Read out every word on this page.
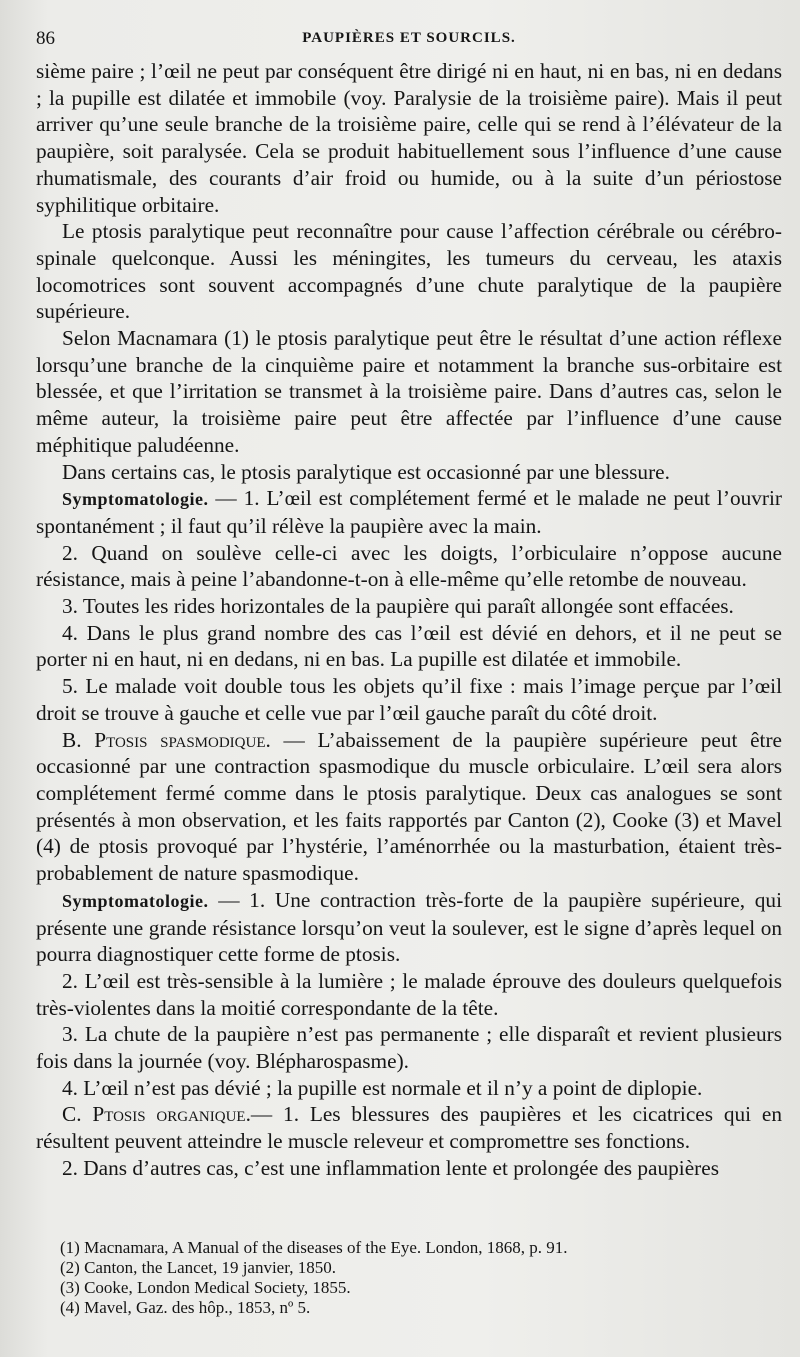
86	PAUPIÈRES ET SOURCILS.

sième paire ; l’œil ne peut par conséquent être dirigé ni en haut, ni en bas, ni en dedans ; la pupille est dilatée et immobile (voy. Paralysie de la troisième paire). Mais il peut arriver qu’une seule branche de la troisième paire, celle qui se rend à l’élévateur de la paupière, soit paralysée. Cela se produit habituellement sous l’influence d’une cause rhumatismale, des courants d’air froid ou humide, ou à la suite d’un périostose syphilitique orbitaire.

Le ptosis paralytique peut reconnaître pour cause l’affection cérébrale ou cérébro-spinale quelconque. Aussi les méningites, les tumeurs du cerveau, les ataxis locomotrices sont souvent accompagnés d’une chute paralytique de la paupière supérieure.

Selon Macnamara (1) le ptosis paralytique peut être le résultat d’une action réflexe lorsqu’une branche de la cinquième paire et notamment la branche sus-orbitaire est blessée, et que l’irritation se transmet à la troisième paire. Dans d’autres cas, selon le même auteur, la troisième paire peut être affectée par l’influence d’une cause méphitique paludéenne.

Dans certains cas, le ptosis paralytique est occasionné par une blessure.

Symptomatologie. — 1. L’œil est complétement fermé et le malade ne peut l’ouvrir spontanément ; il faut qu’il rélève la paupière avec la main.

2. Quand on soulève celle-ci avec les doigts, l’orbiculaire n’oppose aucune résistance, mais à peine l’abandonne-t-on à elle-même qu’elle retombe de nouveau.

3. Toutes les rides horizontales de la paupière qui paraît allongée sont effacées.

4. Dans le plus grand nombre des cas l’œil est dévié en dehors, et il ne peut se porter ni en haut, ni en dedans, ni en bas. La pupille est dilatée et immobile.

5. Le malade voit double tous les objets qu’il fixe : mais l’image perçue par l’œil droit se trouve à gauche et celle vue par l’œil gauche paraît du côté droit.

B. Ptosis spasmodique. — L’abaissement de la paupière supérieure peut être occasionné par une contraction spasmodique du muscle orbiculaire. L’œil sera alors complétement fermé comme dans le ptosis paralytique. Deux cas analogues se sont présentés à mon observation, et les faits rapportés par Canton (2), Cooke (3) et Mavel (4) de ptosis provoqué par l’hystérie, l’aménorrhée ou la masturbation, étaient très-probablement de nature spasmodique.

Symptomatologie. — 1. Une contraction très-forte de la paupière supérieure, qui présente une grande résistance lorsqu’on veut la soulever, est le signe d’après lequel on pourra diagnostiquer cette forme de ptosis.

2. L’œil est très-sensible à la lumière ; le malade éprouve des douleurs quelquefois très-violentes dans la moitié correspondante de la tête.

3. La chute de la paupière n’est pas permanente ; elle disparaît et revient plusieurs fois dans la journée (voy. Blépharospasme).

4. L’œil n’est pas dévié ; la pupille est normale et il n’y a point de diplopie.

C. Ptosis organique.— 1. Les blessures des paupières et les cicatrices qui en résultent peuvent atteindre le muscle releveur et compromettre ses fonctions.

2. Dans d’autres cas, c’est une inflammation lente et prolongée des paupières

(1) Macnamara, A Manual of the diseases of the Eye. London, 1868, p. 91.
(2) Canton, the Lancet, 19 janvier, 1850.
(3) Cooke, London Medical Society, 1855.
(4) Mavel, Gaz. des hôp., 1853, nº 5.
